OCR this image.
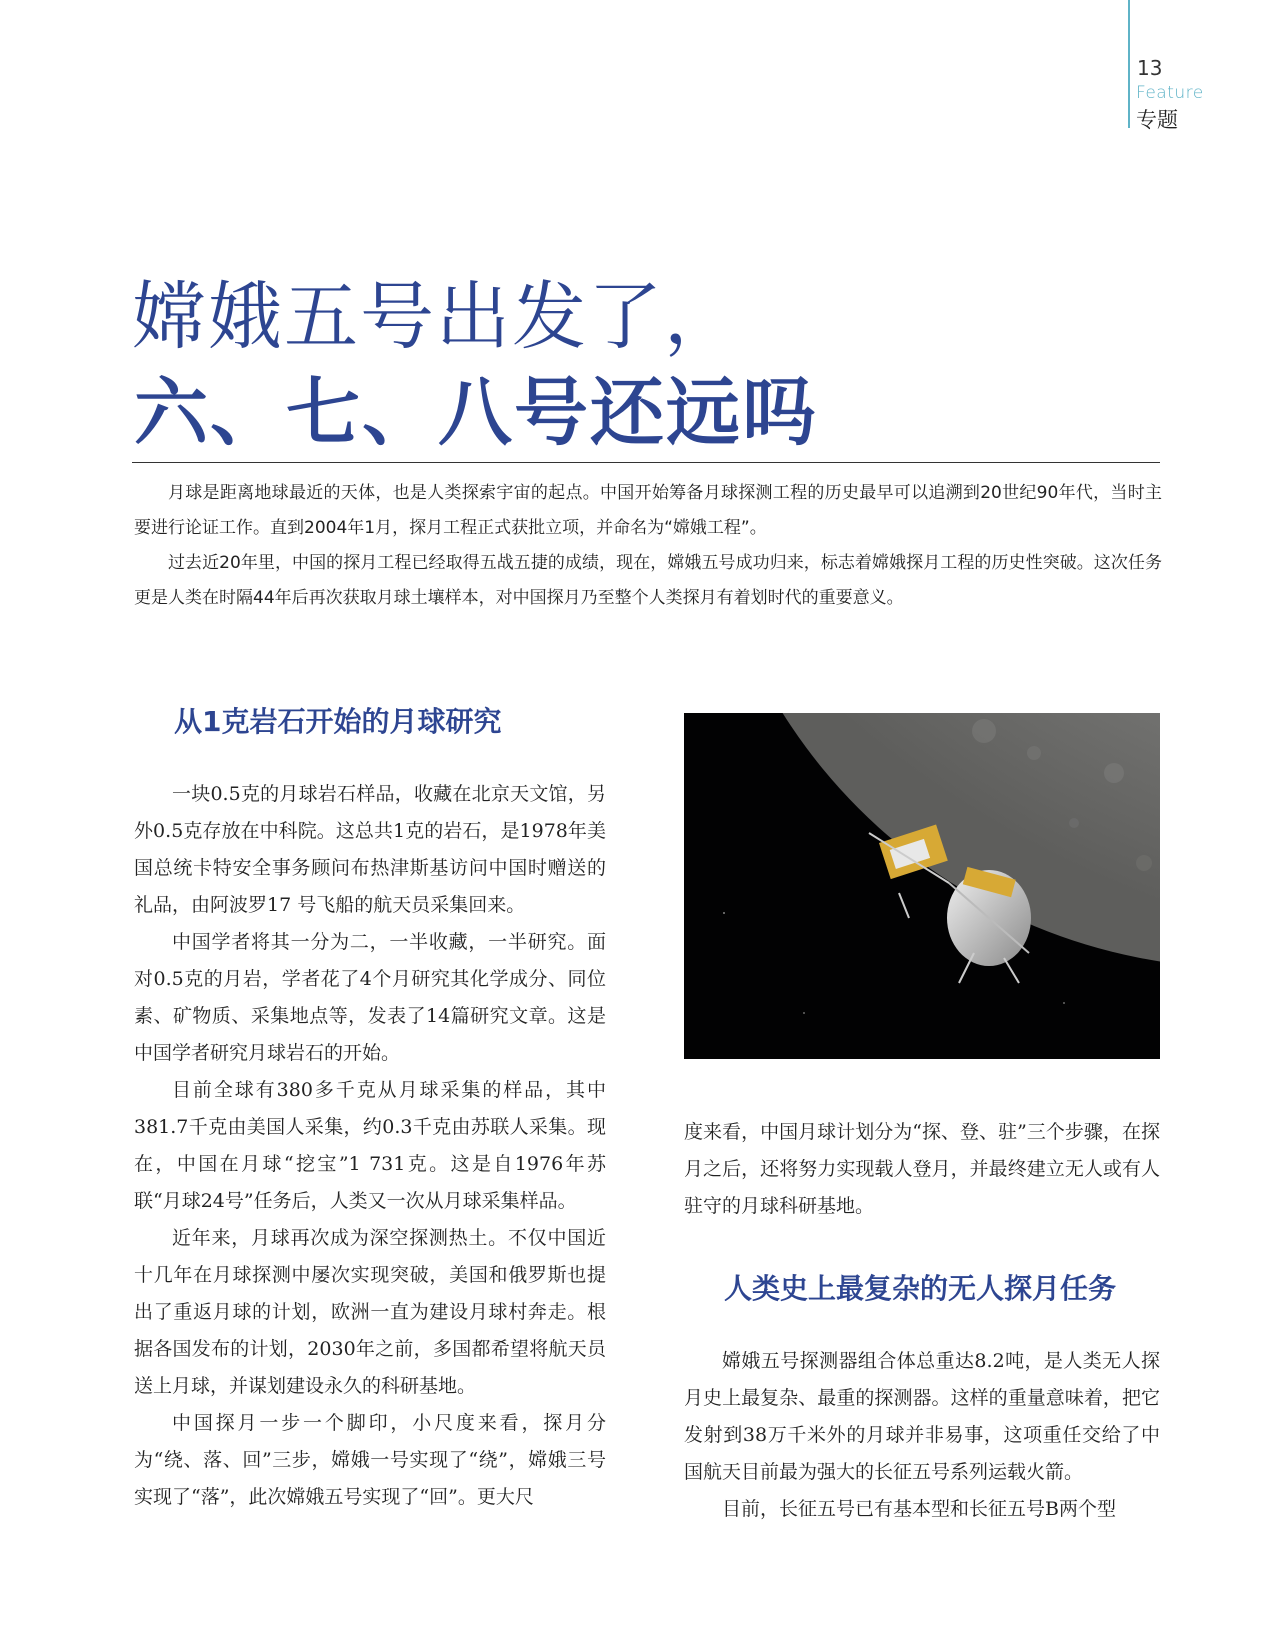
13
Feature
专题
嫦娥五号出发了，
六、七、八号还远吗

月球是距离地球最近的天体，也是人类探索宇宙的起点。中国开始筹备月球探测工程的历史最早可以追溯到20世纪90年代，当时主要进行论证工作。直到2004年1月，探月工程正式获批立项，并命名为“嫦娥工程”。

过去近20年里，中国的探月工程已经取得五战五捷的成绩，现在，嫦娥五号成功归来，标志着嫦娥探月工程的历史性突破。这次任务更是人类在时隔44年后再次获取月球土壤样本，对中国探月乃至整个人类探月有着划时代的重要意义。

从1克岩石开始的月球研究

一块0.5克的月球岩石样品，收藏在北京天文馆，另外0.5克存放在中科院。这总共1克的岩石，是1978年美国总统卡特安全事务顾问布热津斯基访问中国时赠送的礼品，由阿波罗17 号飞船的航天员采集回来。

中国学者将其一分为二，一半收藏，一半研究。面对0.5克的月岩，学者花了4个月研究其化学成分、同位素、矿物质、采集地点等，发表了14篇研究文章。这是中国学者研究月球岩石的开始。

目前全球有380多千克从月球采集的样品，其中381.7千克由美国人采集，约0.3千克由苏联人采集。现在，中国在月球“挖宝”1 731克。这是自1976年苏联“月球24号”任务后，人类又一次从月球采集样品。

近年来，月球再次成为深空探测热土。不仅中国近十几年在月球探测中屡次实现突破，美国和俄罗斯也提出了重返月球的计划，欧洲一直为建设月球村奔走。根据各国发布的计划，2030年之前，多国都希望将航天员送上月球，并谋划建设永久的科研基地。

中国探月一步一个脚印，小尺度来看，探月分为“绕、落、回”三步，嫦娥一号实现了“绕”，嫦娥三号实现了“落”，此次嫦娥五号实现了“回”。更大尺

度来看，中国月球计划分为“探、登、驻”三个步骤，在探月之后，还将努力实现载人登月，并最终建立无人或有人驻守的月球科研基地。

人类史上最复杂的无人探月任务

嫦娥五号探测器组合体总重达8.2吨，是人类无人探月史上最复杂、最重的探测器。这样的重量意味着，把它发射到38万千米外的月球并非易事，这项重任交给了中国航天目前最为强大的长征五号系列运载火箭。

目前，长征五号已有基本型和长征五号B两个型
